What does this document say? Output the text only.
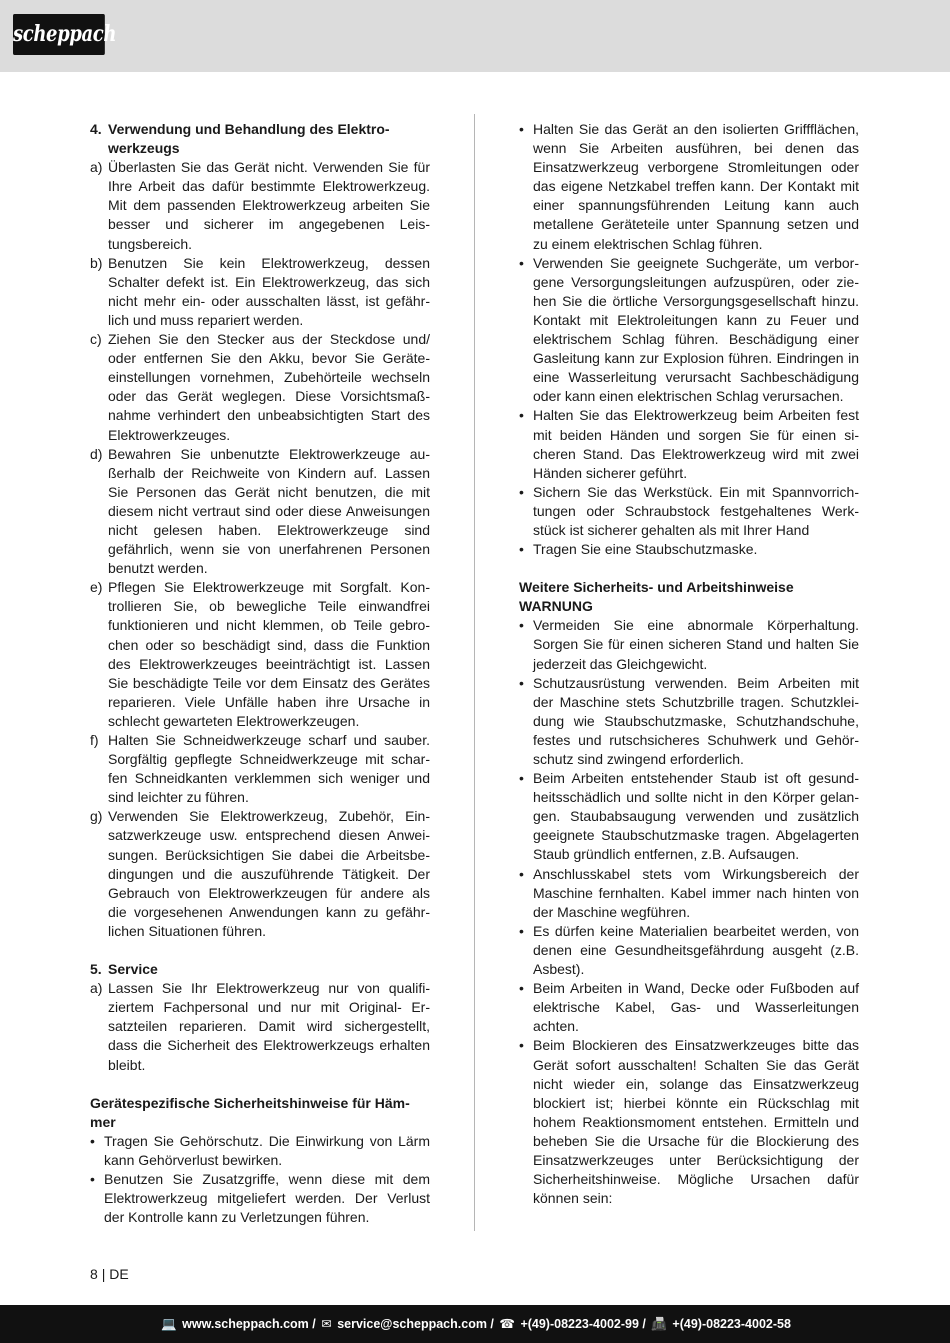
scheppach
4. Verwendung und Behandlung des Elektrowerkzeugs
a) Überlasten Sie das Gerät nicht. Verwenden Sie für Ihre Arbeit das dafür bestimmte Elektrowerkzeug. Mit dem passenden Elektrowerkzeug arbeiten Sie besser und sicherer im angegebenen Leistungsbereich.
b) Benutzen Sie kein Elektrowerkzeug, dessen Schalter defekt ist. Ein Elektrowerkzeug, das sich nicht mehr ein- oder ausschalten lässt, ist gefährlich und muss repariert werden.
c) Ziehen Sie den Stecker aus der Steckdose und/ oder entfernen Sie den Akku, bevor Sie Geräteeinstellungen vornehmen, Zubehörteile wechseln oder das Gerät weglegen. Diese Vorsichtsmaßnahme verhindert den unbeabsichtigten Start des Elektrowerkzeuges.
d) Bewahren Sie unbenutzte Elektrowerkzeuge außerhalb der Reichweite von Kindern auf. Lassen Sie Personen das Gerät nicht benutzen, die mit diesem nicht vertraut sind oder diese Anweisungen nicht gelesen haben. Elektrowerkzeuge sind gefährlich, wenn sie von unerfahrenen Personen benutzt werden.
e) Pflegen Sie Elektrowerkzeuge mit Sorgfalt. Kontrollieren Sie, ob bewegliche Teile einwandfrei funktionieren und nicht klemmen, ob Teile gebrochen oder so beschädigt sind, dass die Funktion des Elektrowerkzeuges beeinträchtigt ist. Lassen Sie beschädigte Teile vor dem Einsatz des Gerätes reparieren. Viele Unfälle haben ihre Ursache in schlecht gewarteten Elektrowerkzeugen.
f) Halten Sie Schneidwerkzeuge scharf und sauber. Sorgfältig gepflegte Schneidwerkzeuge mit scharfen Schneidkanten verklemmen sich weniger und sind leichter zu führen.
g) Verwenden Sie Elektrowerkzeug, Zubehör, Einsatzwerkzeuge usw. entsprechend diesen Anweisungen. Berücksichtigen Sie dabei die Arbeitsbedingungen und die auszuführende Tätigkeit. Der Gebrauch von Elektrowerkzeugen für andere als die vorgesehenen Anwendungen kann zu gefährlichen Situationen führen.
5. Service
a) Lassen Sie Ihr Elektrowerkzeug nur von qualifiziertem Fachpersonal und nur mit Original- Ersatzteilen reparieren. Damit wird sichergestellt, dass die Sicherheit des Elektrowerkzeugs erhalten bleibt.
Gerätespezifische Sicherheitshinweise für Hämmer
• Tragen Sie Gehörschutz. Die Einwirkung von Lärm kann Gehörverlust bewirken.
• Benutzen Sie Zusatzgriffe, wenn diese mit dem Elektrowerkzeug mitgeliefert werden. Der Verlust der Kontrolle kann zu Verletzungen führen.
• Halten Sie das Gerät an den isolierten Griffflächen, wenn Sie Arbeiten ausführen, bei denen das Einsatzwerkzeug verborgene Stromleitungen oder das eigene Netzkabel treffen kann. Der Kontakt mit einer spannungsführenden Leitung kann auch metallene Geräteteile unter Spannung setzen und zu einem elektrischen Schlag führen.
• Verwenden Sie geeignete Suchgeräte, um verborgene Versorgungsleitungen aufzuspüren, oder ziehen Sie die örtliche Versorgungsgesellschaft hinzu. Kontakt mit Elektroleitungen kann zu Feuer und elektrischem Schlag führen. Beschädigung einer Gasleitung kann zur Explosion führen. Eindringen in eine Wasserleitung verursacht Sachbeschädigung oder kann einen elektrischen Schlag verursachen.
• Halten Sie das Elektrowerkzeug beim Arbeiten fest mit beiden Händen und sorgen Sie für einen sicheren Stand. Das Elektrowerkzeug wird mit zwei Händen sicherer geführt.
• Sichern Sie das Werkstück. Ein mit Spannvorrichtungen oder Schraubstock festgehaltenes Werkstück ist sicherer gehalten als mit Ihrer Hand
• Tragen Sie eine Staubschutzmaske.
Weitere Sicherheits- und Arbeitshinweise
WARNUNG
• Vermeiden Sie eine abnormale Körperhaltung. Sorgen Sie für einen sicheren Stand und halten Sie jederzeit das Gleichgewicht.
• Schutzausrüstung verwenden. Beim Arbeiten mit der Maschine stets Schutzbrille tragen. Schutzkleidung wie Staubschutzmaske, Schutzhandschuhe, festes und rutschsicheres Schuhwerk und Gehörschutz sind zwingend erforderlich.
• Beim Arbeiten entstehender Staub ist oft gesundheitsschädlich und sollte nicht in den Körper gelangen. Staubabsaugung verwenden und zusätzlich geeignete Staubschutzmaske tragen. Abgelagerten Staub gründlich entfernen, z.B. Aufsaugen.
• Anschlusskabel stets vom Wirkungsbereich der Maschine fernhalten. Kabel immer nach hinten von der Maschine wegführen.
• Es dürfen keine Materialien bearbeitet werden, von denen eine Gesundheitsgefährdung ausgeht (z.B. Asbest).
• Beim Arbeiten in Wand, Decke oder Fußboden auf elektrische Kabel, Gas- und Wasserleitungen achten.
• Beim Blockieren des Einsatzwerkzeuges bitte das Gerät sofort ausschalten! Schalten Sie das Gerät nicht wieder ein, solange das Einsatzwerkzeug blockiert ist; hierbei könnte ein Rückschlag mit hohem Reaktionsmoment entstehen. Ermitteln und beheben Sie die Ursache für die Blockierung des Einsatzwerkzeuges unter Berücksichtigung der Sicherheitshinweise. Mögliche Ursachen dafür können sein:
8 | DE
💻 www.scheppach.com / ✉ service@scheppach.com / ☎ +(49)-08223-4002-99 / 📠 +(49)-08223-4002-58
